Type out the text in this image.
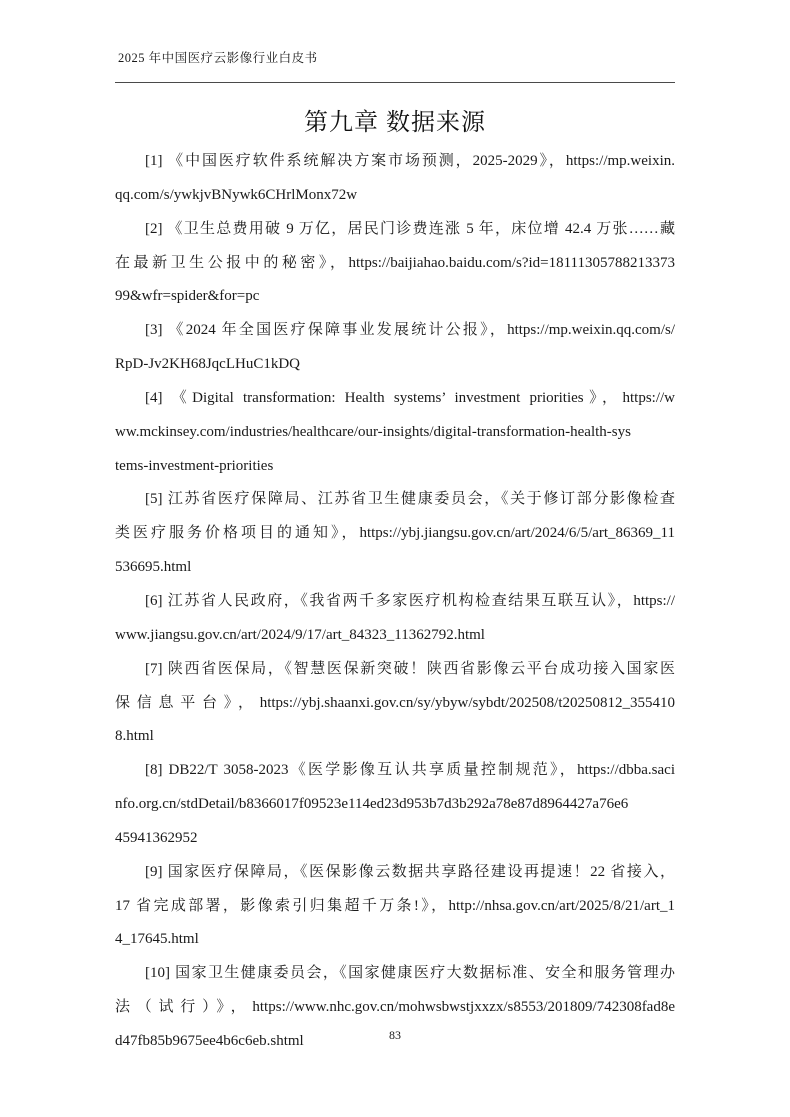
2025 年中国医疗云影像行业白皮书
第九章 数据来源
[1] 《中国医疗软件系统解决方案市场预测，2025-2029》，https://mp.weixin.
qq.com/s/ywkjvBNywk6CHrlMonx72w
[2] 《卫生总费用破 9 万亿，居民门诊费连涨 5 年，床位增 42.4 万张……藏
在最新卫生公报中的秘密》，https://baijiahao.baidu.com/s?id=18111305788213373
99&wfr=spider&for=pc
[3] 《2024 年全国医疗保障事业发展统计公报》，https://mp.weixin.qq.com/s/
RpD-Jv2KH68JqcLHuC1kDQ
[4] 《Digital transformation: Health systems’ investment priorities》，https://w
ww.mckinsey.com/industries/healthcare/our-insights/digital-transformation-health-sys
tems-investment-priorities
[5] 江苏省医疗保障局、江苏省卫生健康委员会，《关于修订部分影像检查
类医疗服务价格项目的通知》，https://ybj.jiangsu.gov.cn/art/2024/6/5/art_86369_11
536695.html
[6] 江苏省人民政府，《我省两千多家医疗机构检查结果互联互认》，https://
www.jiangsu.gov.cn/art/2024/9/17/art_84323_11362792.html
[7] 陕西省医保局，《智慧医保新突破！陕西省影像云平台成功接入国家医
保信息平台》，https://ybj.shaanxi.gov.cn/sy/ybyw/sybdt/202508/t20250812_355410
8.html
[8] DB22/T 3058-2023《医学影像互认共享质量控制规范》，https://dbba.saci
nfo.org.cn/stdDetail/b8366017f09523e114ed23d953b7d3b292a78e87d8964427a76e6
45941362952
[9] 国家医疗保障局，《医保影像云数据共享路径建设再提速！22 省接入，
17 省完成部署，影像索引归集超千万条!》，http://nhsa.gov.cn/art/2025/8/21/art_1
4_17645.html
[10] 国家卫生健康委员会，《国家健康医疗大数据标准、安全和服务管理办
法（试行）》，https://www.nhc.gov.cn/mohwsbwstjxxzx/s8553/201809/742308fad8e
d47fb85b9675ee4b6c6eb.shtml	83
